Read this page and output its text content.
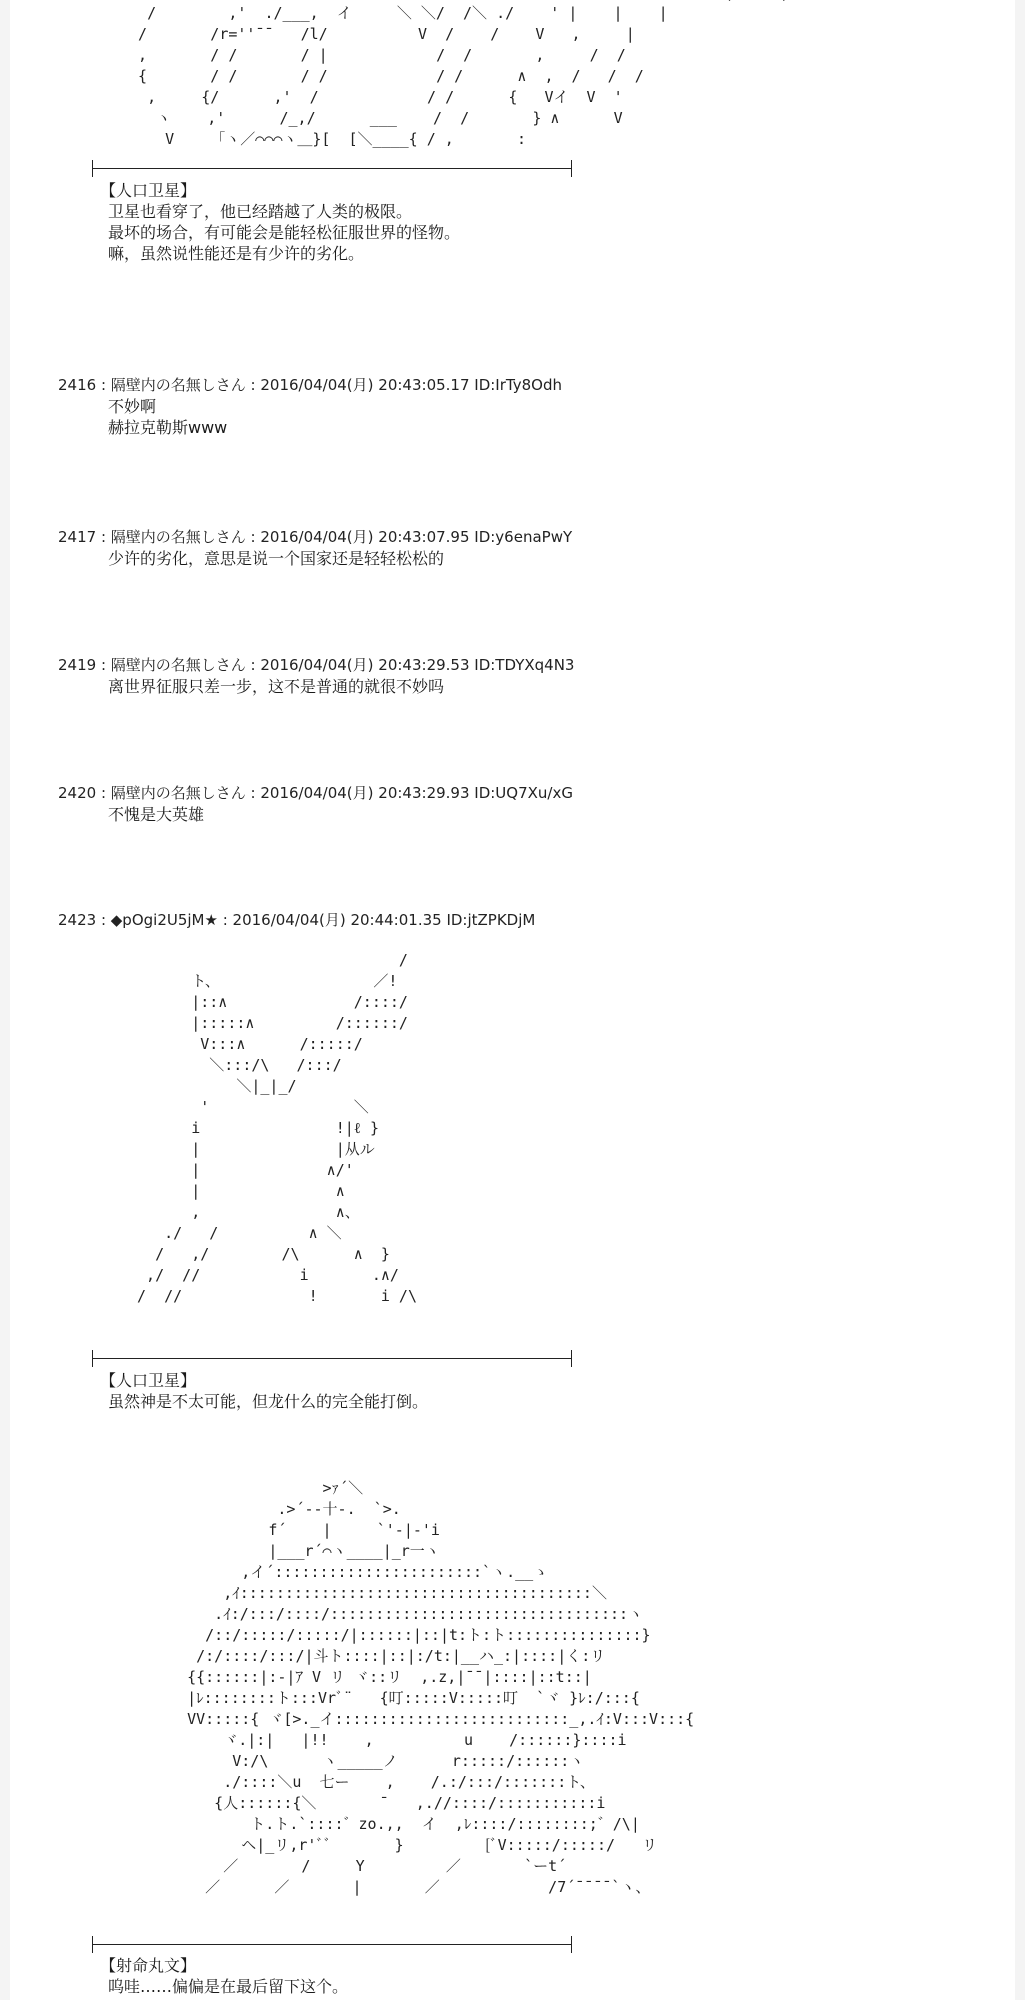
/        ,'  ./___,  イ     ＼ ＼/  /＼ ./    ' |    |    |
/       /r=''¯¯   /l/          V  /    /    V   ,     |
,       / /       / |            /  /       ,     /  /
{       / /       / /            / /      ∧  ,  /   /  /
,     {/      ,'  /            / /      {   Vイ  V  '
ヽ    ,'      /_,/      ___    /  /       } ∧      V
V    「ヽ／⌒⌒⌒ヽ＿}[  [＼____{ / ,       :
【人口卫星】
卫星也看穿了，他已经踏越了人类的极限。
最坏的场合，有可能会是能轻松征服世界的怪物。
嘛，虽然说性能还是有少许的劣化。
2416 : 隔壁内の名無しさん : 2016/04/04(月) 20:43:05.17 ID:IrTy8Odh
不妙啊
赫拉克勒斯www
2417 : 隔壁内の名無しさん : 2016/04/04(月) 20:43:07.95 ID:y6enaPwY
少许的劣化，意思是说一个国家还是轻轻松松的
2419 : 隔壁内の名無しさん : 2016/04/04(月) 20:43:29.53 ID:TDYXq4N3
离世界征服只差一步，这不是普通的就很不妙吗
2420 : 隔壁内の名無しさん : 2016/04/04(月) 20:43:29.93 ID:UQ7Xu/xG
不愧是大英雄
2423 : ◆pOgi2U5jM★ : 2016/04/04(月) 20:44:01.35 ID:jtZPKDjM
/
ト、                 ／!
|::∧              /::::/
|:::::∧         /::::::/
V:::∧      /:::::/
＼:::/\   /:::/
＼|_|_/
'                ＼
i               !|ℓ }
|               |从ル
|              ∧/'
|               ∧
,               ∧、
./   /          ∧ ＼
/   ,/        /\      ∧  }
,/  //           i       .∧/
/  //              !       i /\
【人口卫星】
虽然神是不太可能，但龙什么的完全能打倒。
>ｧ´＼
.>´‐-十-.  `>.
f´    |     `'-|-'i
|___r´⌒ヽ____|_r一ヽ
,イ´:::::::::::::::::::::::`ヽ.__ゝ
,ｲ:::::::::::::::::::::::::::::::::::::::＼
.ｲ:/:::/::::/:::::::::::::::::::::::::::::::::ヽ
/::/:::::/:::::/|::::::|::|t:ト:ト:::::::::::::::}
/:/::::/:::/|斗ト::::|::|:/t:|__ハ_:|::::|く:リ
{{::::::|:-|ｱ V リ ヾ::リ  ,.z,|¯¯|::::|::t::|
|ﾚ::::::::ト:::Vrﾞ¨   {叮:::::V:::::叮  `ヾ }ﾚ:/:::{
VV:::::{ ヾ[>._イ::::::::::::::::::::::::::_,.ｲ:V:::V:::{
ヾ.|:|   |!!    ,          u    /::::::}::::i
V:/\      ヽ_____ノ      r:::::/::::::ヽ
./::::＼u  七ー    ,    /.:/:::/:::::::ト、
{人::::::{＼       ̄    ,.//::::/:::::::::::i
ト.ト.`::::゛zo.,,  イ  ,ﾚ::::/::::::::;゛/\|
ヘ|_リ,r'ﾞﾞ       }         [ﾞV:::::/:::::/   リ
／       /     Y         ／       `ーt´
／      ／       |       ／            /7´¯¯¯¯`ヽ、
【射命丸文】
呜哇……偏偏是在最后留下这个。
